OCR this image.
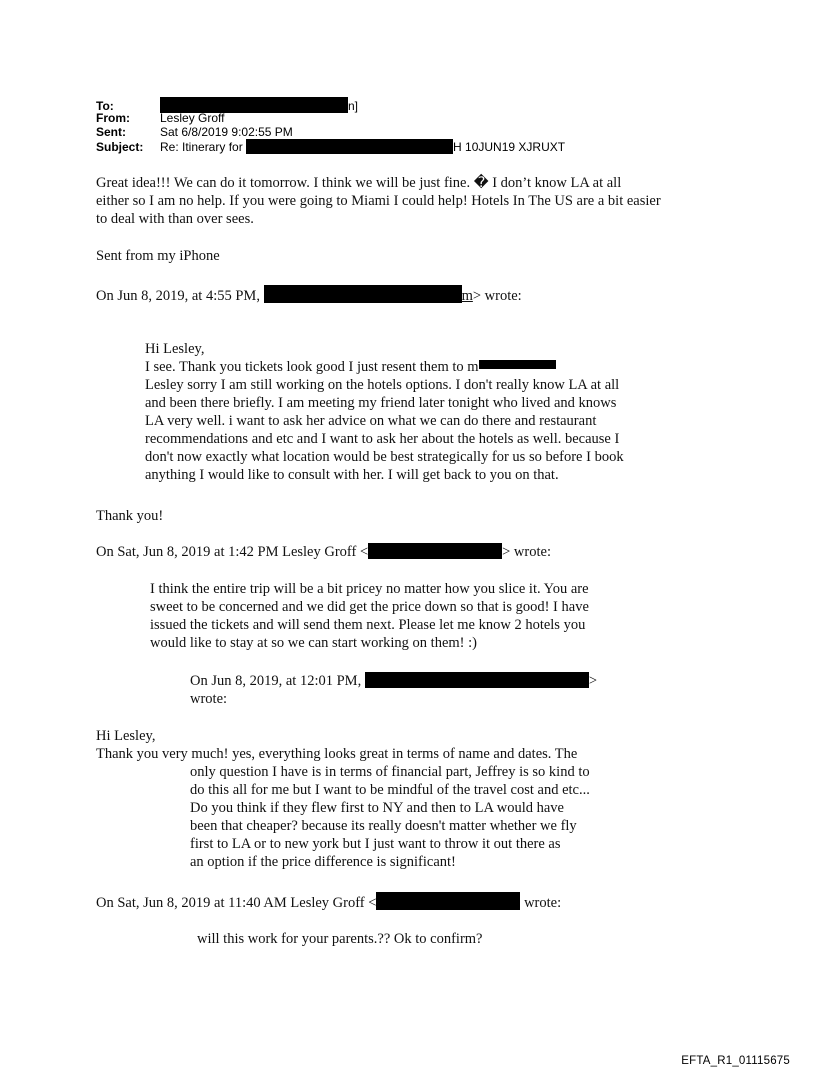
To:	n]
From:	Lesley Groff
Sent:	Sat 6/8/2019 9:02:55 PM
Subject: Re: Itinerary for	H 10JUN19 XJRUXT
Great idea!!! We can do it tomorrow. I think we will be just fine. � I don’t know LA at all
either so I am no help. If you were going to Miami I could help! Hotels In The US are a bit easier
to deal with than over sees.
Sent from my iPhone
On Jun 8, 2019, at 4:55 PM,	m> wrote:
Hi Lesley,
I see. Thank you tickets look good I just resent them to m
Lesley sorry I am still working on the hotels options. I don't really know LA at all
and been there briefly. I am meeting my friend later tonight who lived and knows
LA very well. i want to ask her advice on what we can do there and restaurant
recommendations and etc and I want to ask her about the hotels as well. because I
don't now exactly what location would be best strategically for us so before I book
anything I would like to consult with her. I will get back to you on that.
Thank you!
On Sat, Jun 8, 2019 at 1:42 PM Lesley Groff <	> wrote:
I think the entire trip will be a bit pricey no matter how you slice it. You are
sweet to be concerned and we did get the price down so that is good! I have
issued the tickets and will send them next. Please let me know 2 hotels you
would like to stay at so we can start working on them! :)
On Jun 8, 2019, at 12:01 PM,	>
wrote:
Hi Lesley,
Thank you very much! yes, everything looks great in terms of name and dates. The
only question I have is in terms of financial part, Jeffrey is so kind to
do this all for me but I want to be mindful of the travel cost and etc...
Do you think if they flew first to NY and then to LA would have
been that cheaper? because its really doesn't matter whether we fly
first to LA or to new york but I just want to throw it out there as
an option if the price difference is significant!
On Sat, Jun 8, 2019 at 11:40 AM Lesley Groff <	wrote:
will this work for your parents.?? Ok to confirm?
EFTA_R1_01115675
